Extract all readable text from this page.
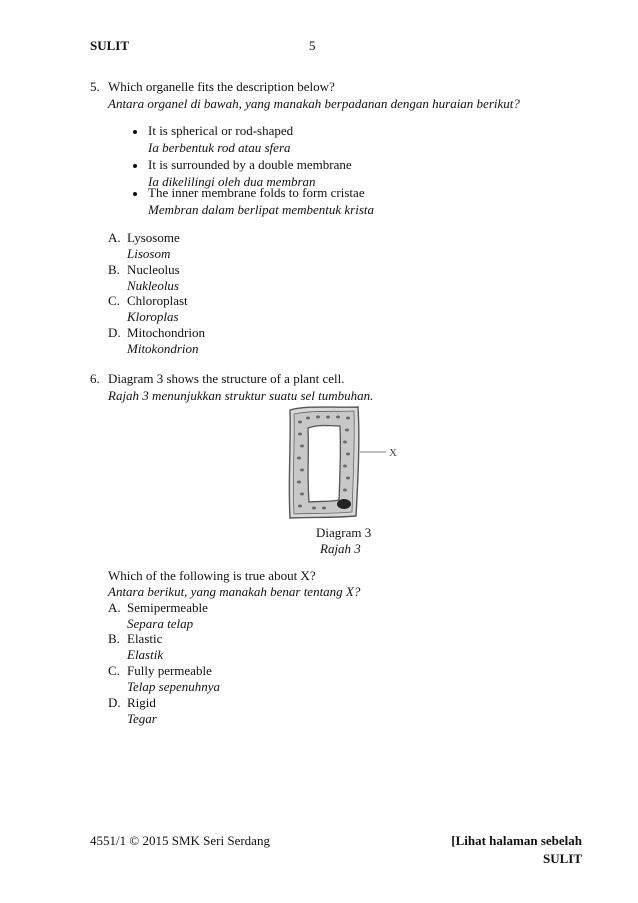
SULIT	5
5. Which organelle fits the description below?
Antara organel di bawah, yang manakah berpadanan dengan huraian berikut?
It is spherical or rod-shaped
Ia berbentuk rod atau sfera
It is surrounded by a double membrane
Ia dikelilingi oleh dua membran
The inner membrane folds to form cristae
Membran dalam berlipat membentuk krista
A. Lysosome
Lisosom
B. Nucleolus
Nukleolus
C. Chloroplast
Kloroplas
D. Mitochondrion
Mitokondrion
6. Diagram 3 shows the structure of a plant cell.
Rajah 3 menunjukkan struktur suatu sel tumbuhan.
X
Diagram 3
Rajah 3
Which of the following is true about X?
Antara berikut, yang manakah benar tentang X?
A. Semipermeable
Separa telap
B. Elastic
Elastik
C. Fully permeable
Telap sepenuhnya
D. Rigid
Tegar
4551/1 © 2015 SMK Seri Serdang	[Lihat halaman sebelah
SULIT
